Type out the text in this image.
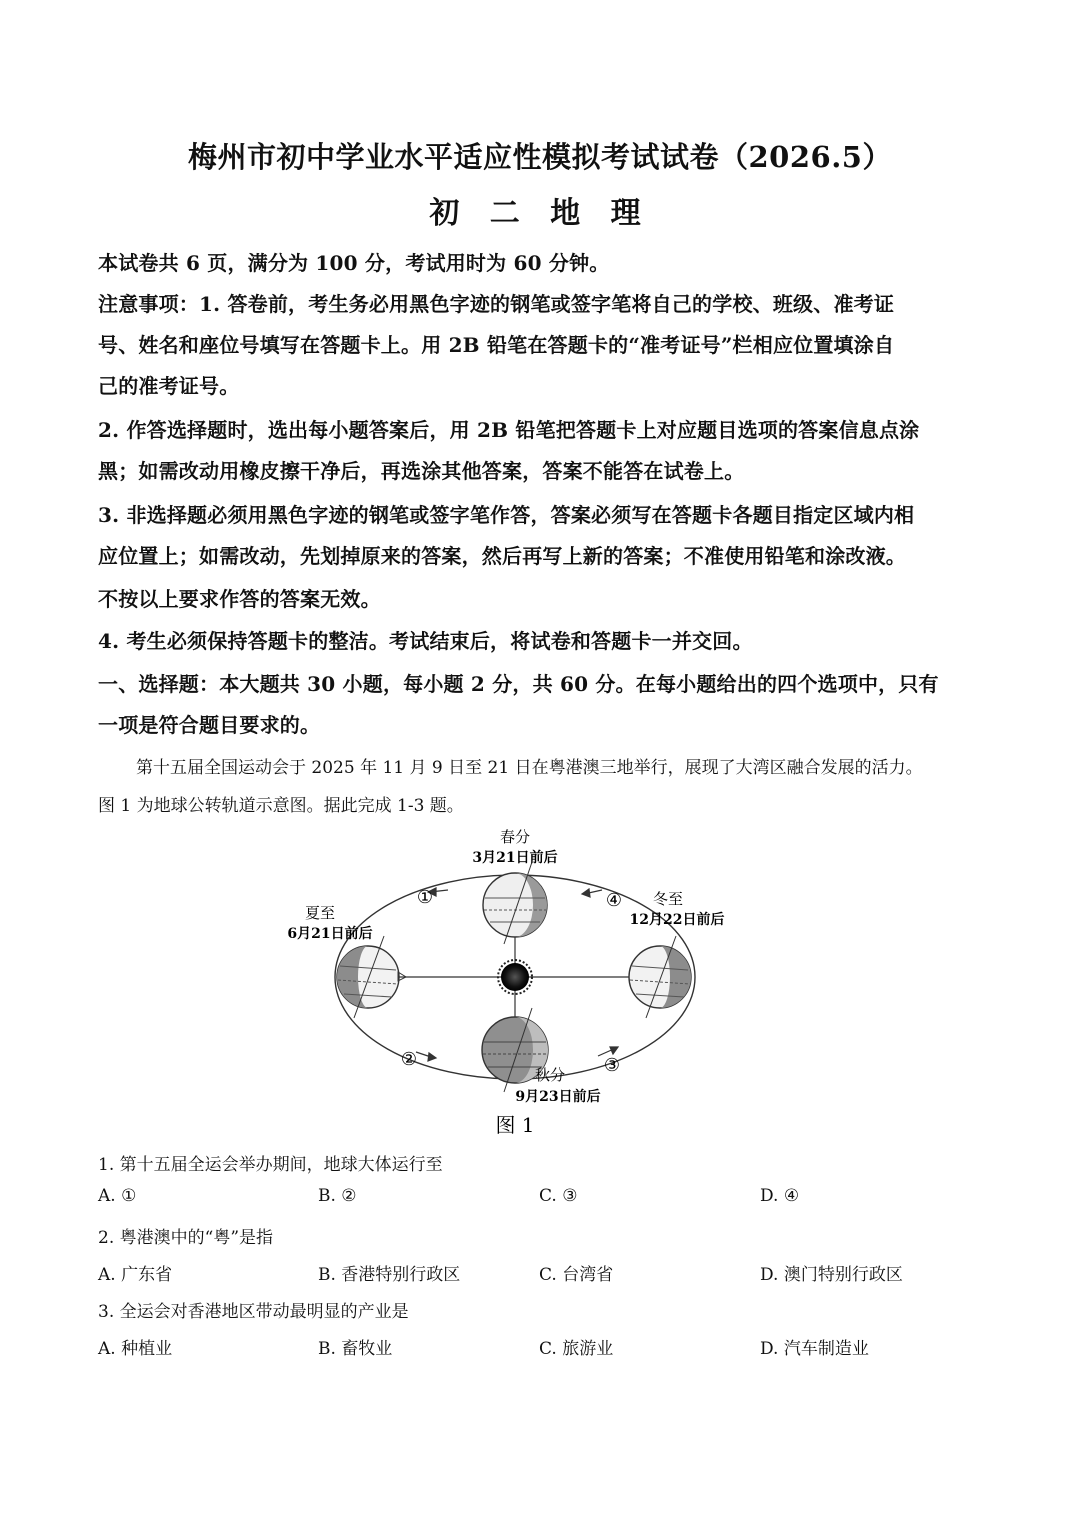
梅州市初中学业水平适应性模拟考试试卷（2026.5）
初 二 地 理
本试卷共 6 页，满分为 100 分，考试用时为 60 分钟。
注意事项：1. 答卷前，考生务必用黑色字迹的钢笔或签字笔将自己的学校、班级、准考证
号、姓名和座位号填写在答题卡上。用 2B 铅笔在答题卡的“准考证号”栏相应位置填涂自
己的准考证号。
2. 作答选择题时，选出每小题答案后，用 2B 铅笔把答题卡上对应题目选项的答案信息点涂
黑；如需改动用橡皮擦干净后，再选涂其他答案，答案不能答在试卷上。
3. 非选择题必须用黑色字迹的钢笔或签字笔作答，答案必须写在答题卡各题目指定区域内相
应位置上；如需改动，先划掉原来的答案，然后再写上新的答案；不准使用铅笔和涂改液。
不按以上要求作答的答案无效。
4. 考生必须保持答题卡的整洁。考试结束后，将试卷和答题卡一并交回。
一、选择题：本大题共 30 小题，每小题 2 分，共 60 分。在每小题给出的四个选项中，只有
一项是符合题目要求的。
第十五届全国运动会于 2025 年 11 月 9 日至 21 日在粤港澳三地举行，展现了大湾区融合发展的活力。
图 1 为地球公转轨道示意图。据此完成 1-3 题。
春分
3月21日前后
夏至
6月21日前后
冬至
12月22日前后
秋分
9月23日前后
①
②	③
④
图 1
1. 第十五届全运会举办期间，地球大体运行至
A. ①	B. ②	C. ③	D. ④
2. 粤港澳中的“粤”是指
A. 广东省	B. 香港特别行政区	C. 台湾省	D. 澳门特别行政区
3. 全运会对香港地区带动最明显的产业是
A. 种植业	B. 畜牧业	C. 旅游业	D. 汽车制造业
